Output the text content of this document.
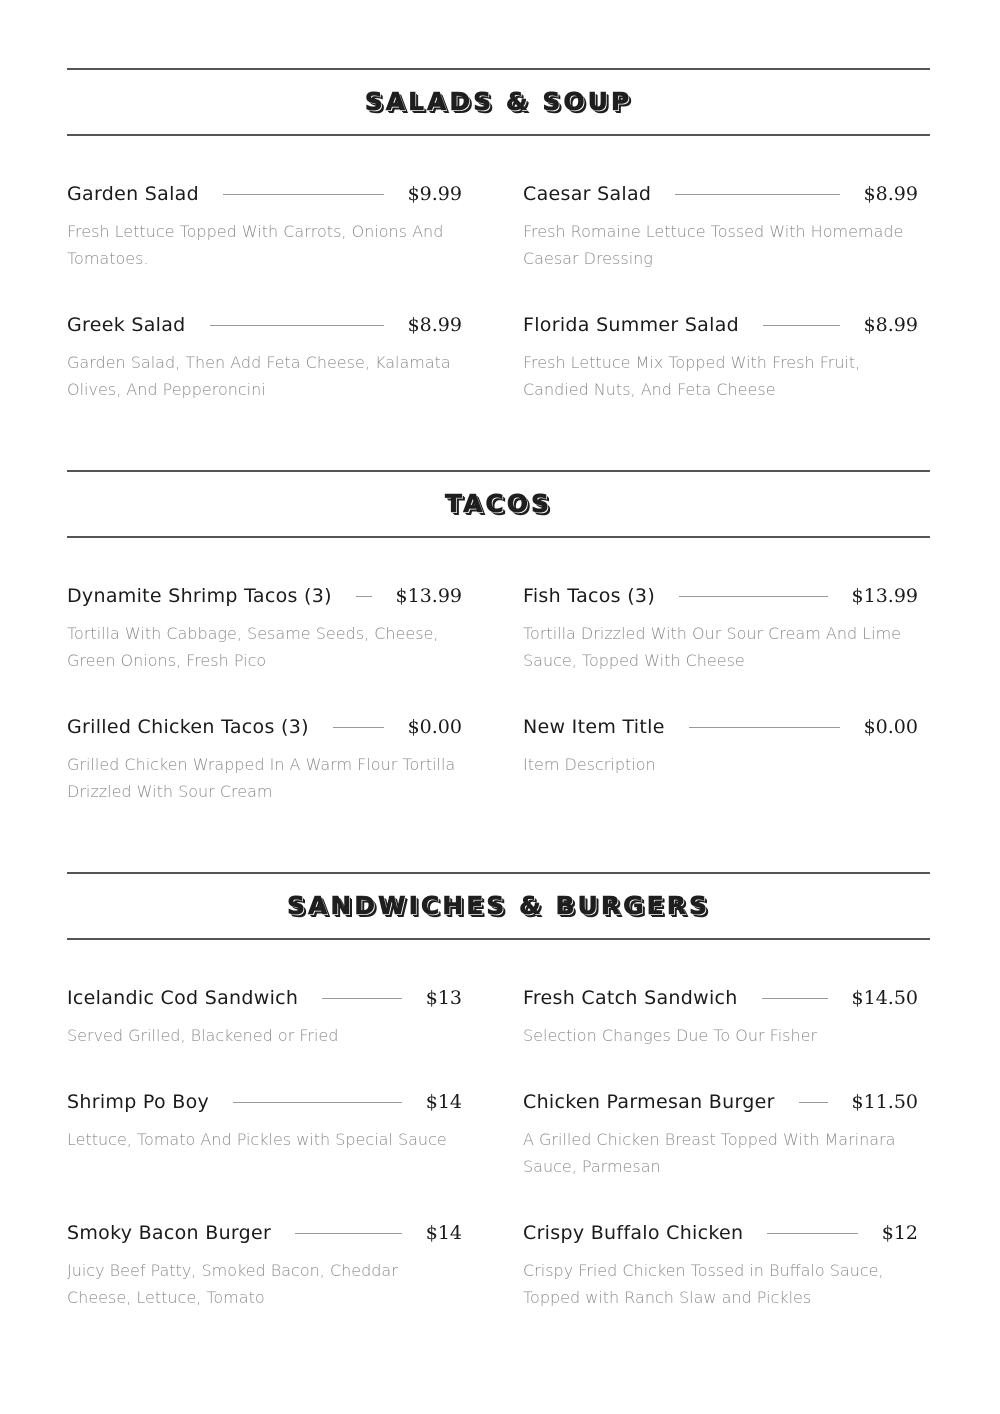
SALADS & SOUP
Garden Salad	$9.99
Fresh Lettuce Topped With Carrots, Onions And Tomatoes.
Caesar Salad	$8.99
Fresh Romaine Lettuce Tossed With Homemade Caesar Dressing
Greek Salad	$8.99
Garden Salad, Then Add Feta Cheese, Kalamata Olives, And Pepperoncini
Florida Summer Salad	$8.99
Fresh Lettuce Mix Topped With Fresh Fruit, Candied Nuts, And Feta Cheese
TACOS
Dynamite Shrimp Tacos (3)	$13.99
Tortilla With Cabbage, Sesame Seeds, Cheese, Green Onions, Fresh Pico
Fish Tacos (3)	$13.99
Tortilla Drizzled With Our Sour Cream And Lime Sauce, Topped With Cheese
Grilled Chicken Tacos (3)	$0.00
Grilled Chicken Wrapped In A Warm Flour Tortilla Drizzled With Sour Cream
New Item Title	$0.00
Item Description
SANDWICHES & BURGERS
Icelandic Cod Sandwich	$13
Served Grilled, Blackened or Fried
Fresh Catch Sandwich	$14.50
Selection Changes Due To Our Fisher
Shrimp Po Boy	$14
Lettuce, Tomato And Pickles with Special Sauce
Chicken Parmesan Burger	$11.50
A Grilled Chicken Breast Topped With Marinara Sauce, Parmesan
Smoky Bacon Burger	$14
Juicy Beef Patty, Smoked Bacon, Cheddar Cheese, Lettuce, Tomato
Crispy Buffalo Chicken	$12
Crispy Fried Chicken Tossed in Buffalo Sauce, Topped with Ranch Slaw and Pickles
